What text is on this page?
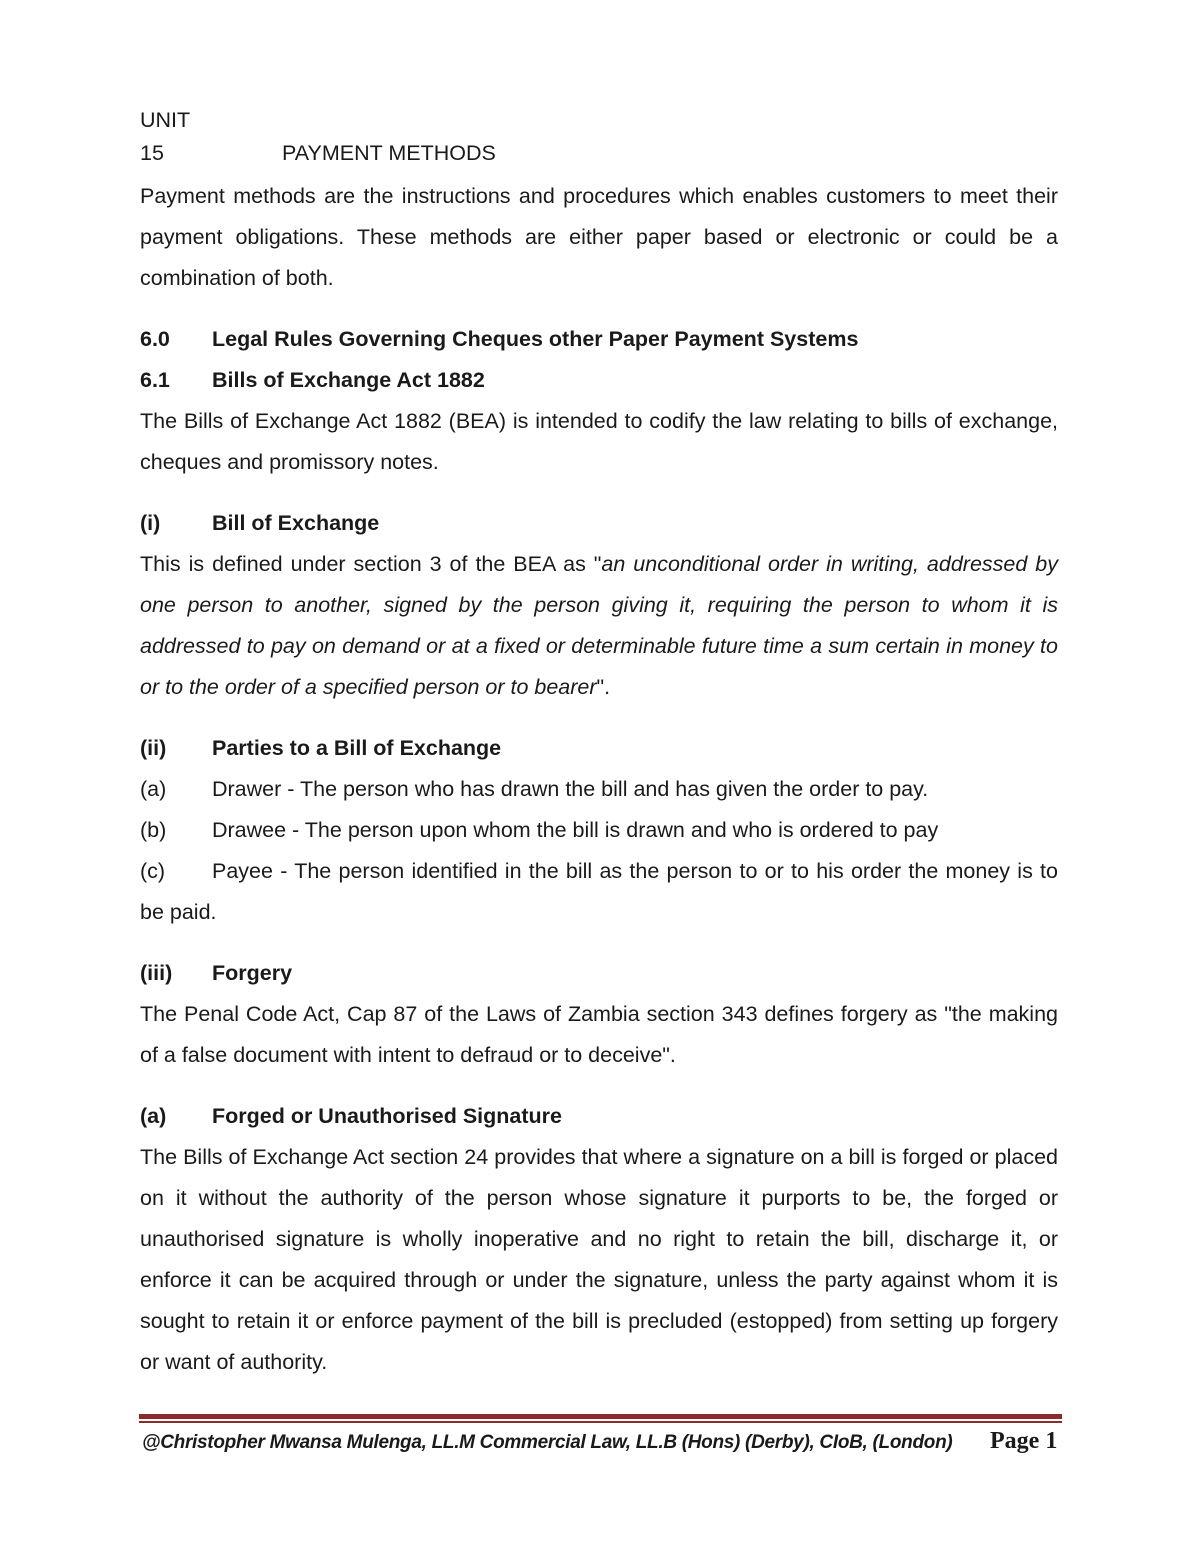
UNIT 15	PAYMENT METHODS

Payment methods are the instructions and procedures which enables customers to meet their payment obligations. These methods are either paper based or electronic or could be a combination of both.

6.0 Legal Rules Governing Cheques other Paper Payment Systems

6.1 Bills of Exchange Act 1882

The Bills of Exchange Act 1882 (BEA) is intended to codify the law relating to bills of exchange, cheques and promissory notes.

(i) Bill of Exchange

This is defined under section 3 of the BEA as "an unconditional order in writing, addressed by one person to another, signed by the person giving it, requiring the person to whom it is addressed to pay on demand or at a fixed or determinable future time a sum certain in money to or to the order of a specified person or to bearer".

(ii) Parties to a Bill of Exchange

(a) Drawer - The person who has drawn the bill and has given the order to pay.

(b) Drawee - The person upon whom the bill is drawn and who is ordered to pay

(c) Payee - The person identified in the bill as the person to or to his order the money is to   be paid.

(iii) Forgery

The Penal Code Act, Cap 87 of the Laws of Zambia section 343 defines forgery as "the making of a false document with intent to defraud or to deceive".

(a) Forged or Unauthorised Signature

The Bills of Exchange Act section 24 provides that where a signature on a bill is forged or placed on it without the authority of the person whose signature it purports to be, the forged or unauthorised signature is wholly inoperative and no right to retain the bill, discharge it, or enforce it can be acquired through or under the signature, unless the party against whom it is sought to retain it or enforce payment of the bill is precluded (estopped) from setting up forgery or want of authority.

@Christopher Mwansa Mulenga, LL.M Commercial Law, LL.B (Hons) (Derby), CIoB, (London) Page 1
